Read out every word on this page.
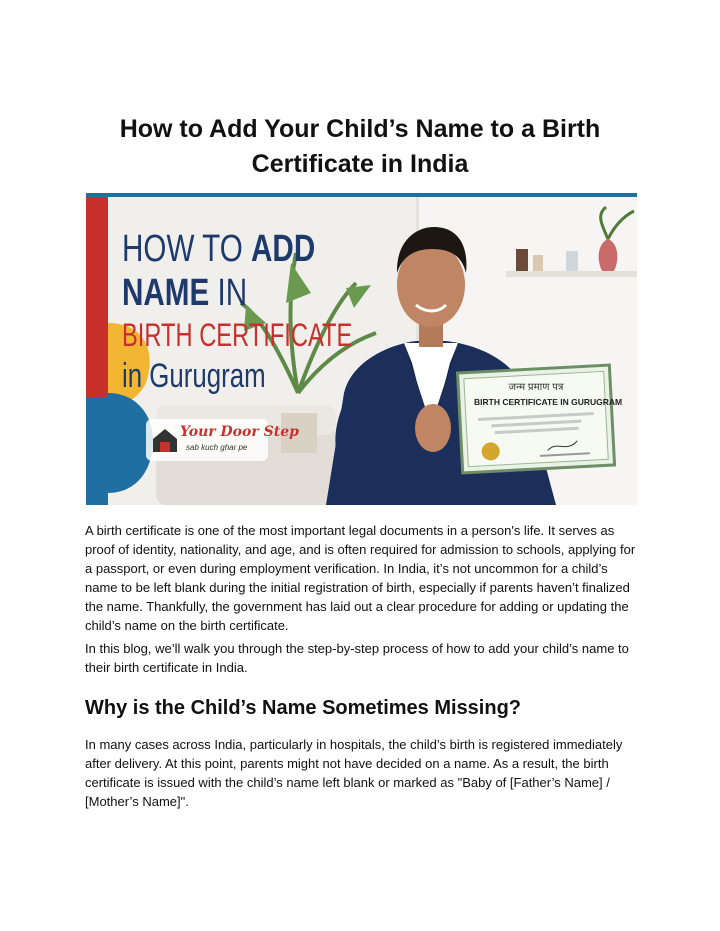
How to Add Your Child’s Name to a Birth Certificate in India
HOW TO ADD
NAME IN
BIRTH CERTIFICATE
in Gurugram
Your Door Step
sab kuch ghar pe
जन्म प्रमाण पत्र
BIRTH CERTIFICATE IN GURUGRAM

A birth certificate is one of the most important legal documents in a person's life. It serves as proof of identity, nationality, and age, and is often required for admission to schools, applying for a passport, or even during employment verification. In India, it’s not uncommon for a child’s name to be left blank during the initial registration of birth, especially if parents haven’t finalized the name. Thankfully, the government has laid out a clear procedure for adding or updating the child’s name on the birth certificate.

In this blog, we’ll walk you through the step-by-step process of how to add your child’s name to their birth certificate in India.

Why is the Child’s Name Sometimes Missing?

In many cases across India, particularly in hospitals, the child’s birth is registered immediately after delivery. At this point, parents might not have decided on a name. As a result, the birth certificate is issued with the child’s name left blank or marked as "Baby of [Father’s Name] / [Mother’s Name]".
